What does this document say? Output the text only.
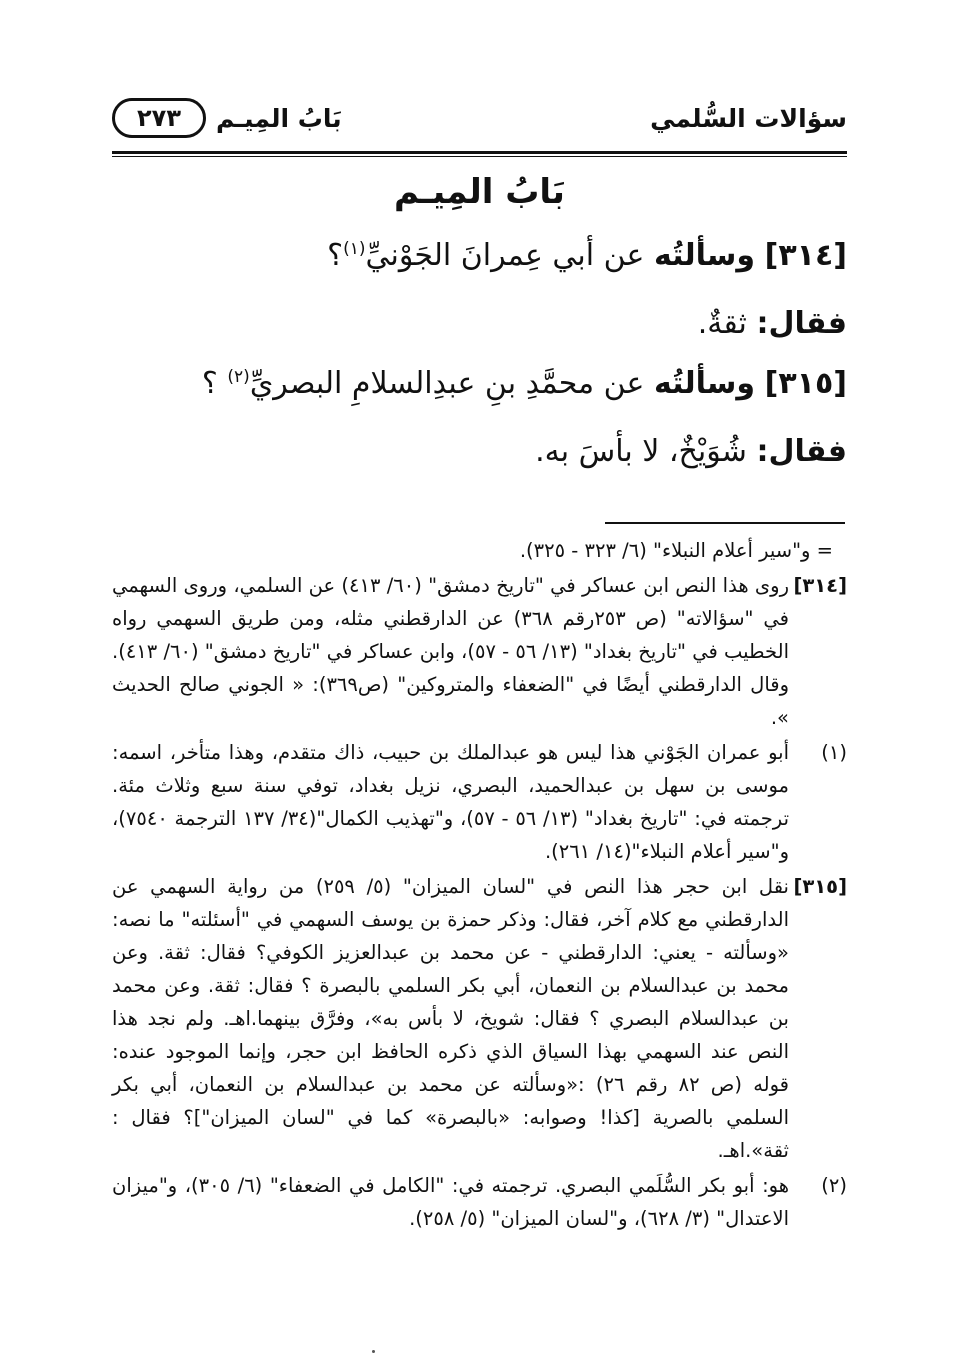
سؤالات السُّلمي
بَابُ المِيـم
٢٧٣
بَابُ المِيـم
[٣١٤] وسألتُه عن أبي عِمرانَ الجَوْنيِّ$^{(١)}$؟
فقال: ثقةٌ.
[٣١٥] وسألتُه عن محمَّدِ بنِ عبدِالسلامِ البصريِّ$^{(٢)}$ ؟
فقال: شُوَيْخٌ، لا بأسَ به.
= و"سير أعلام النبلاء" (٦/ ٣٢٣ - ٣٢٥).
[٣١٤]
روى هذا النص ابن عساكر في "تاريخ دمشق" (٦٠/ ٤١٣) عن السلمي، وروى السهمي في "سؤالاته" (ص ٢٥٣رقم ٣٦٨) عن الدارقطني مثله، ومن طريق السهمي رواه الخطيب في "تاريخ بغداد" (١٣/ ٥٦ - ٥٧)، وابن عساكر في "تاريخ دمشق" (٦٠/ ٤١٣). وقال الدارقطني أيضًا في "الضعفاء والمتروكين" (ص٣٦٩): « الجوني صالح الحديث ».
(١)
أبو عمران الجَوْني هذا ليس هو عبدالملك بن حبيب، ذاك متقدم، وهذا متأخر، اسمه: موسى بن سهل بن عبدالحميد، البصري، نزيل بغداد، توفي سنة سبع وثلاث مئة. ترجمته في: "تاريخ بغداد" (١٣/ ٥٦ - ٥٧)، و"تهذيب الكمال"(٣٤/ ١٣٧ الترجمة ٧٥٤٠)، و"سير أعلام النبلاء"(١٤/ ٢٦١).
[٣١٥]
نقل ابن حجر هذا النص في "لسان الميزان" (٥/ ٢٥٩) من رواية السهمي عن الدارقطني مع كلام آخر، فقال: وذكر حمزة بن يوسف السهمي في "أسئلته" ما نصه: «وسألته - يعني: الدارقطني - عن محمد بن عبدالعزيز الكوفي؟ فقال: ثقة. وعن محمد بن عبدالسلام بن النعمان، أبي بكر السلمي بالبصرة ؟ فقال: ثقة. وعن محمد بن عبدالسلام البصري ؟ فقال: شويخ، لا بأس به»، وفرَّق بينهما.اهـ. ولم نجد هذا النص عند السهمي بهذا السياق الذي ذكره الحافظ ابن حجر، وإنما الموجود عنده: قوله (ص ٨٢ رقم ٢٦) :«وسألته عن محمد بن عبدالسلام بن النعمان، أبي بكر السلمي بالصرية [كذا! وصوابه: «بالبصرة» كما في "لسان الميزان"]؟ فقال : ثقة».اهـ.
(٢)
هو: أبو بكر السُّلَمي البصري. ترجمته في: "الكامل في الضعفاء" (٦/ ٣٠٥)، و"ميزان الاعتدال" (٣/ ٦٢٨)، و"لسان الميزان" (٥/ ٢٥٨).
